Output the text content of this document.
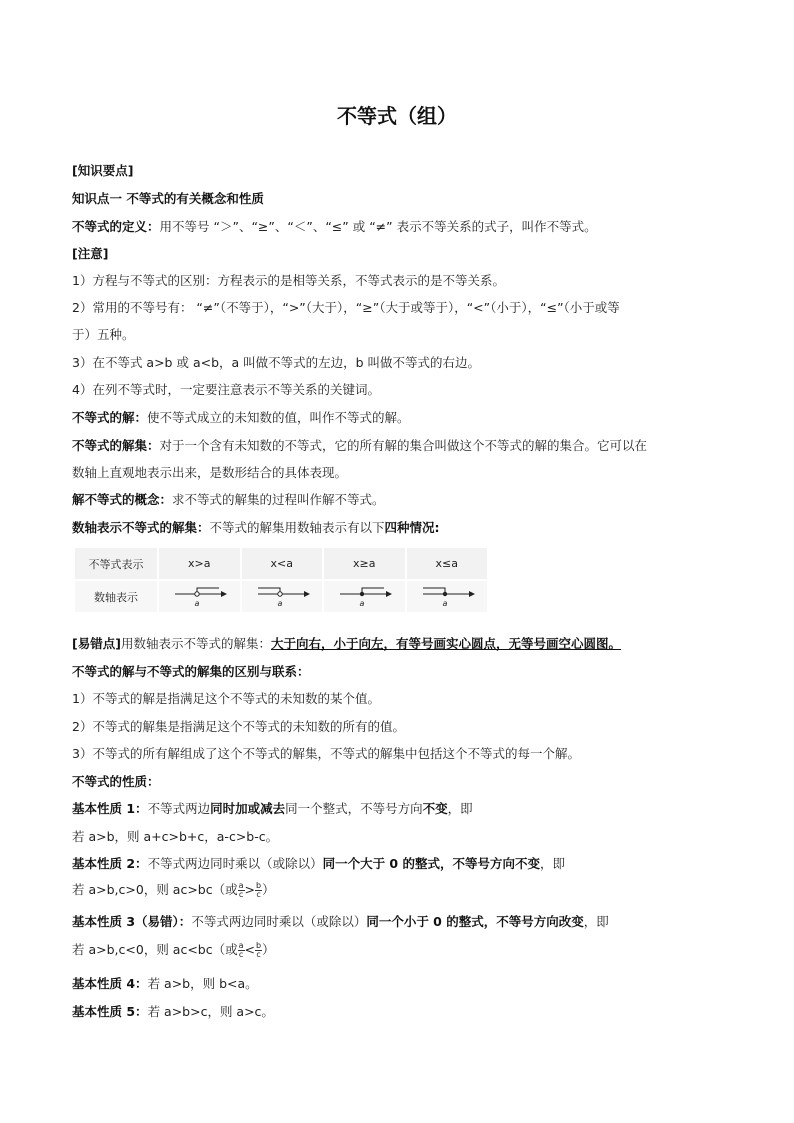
不等式（组）
[知识要点]
知识点一 不等式的有关概念和性质
不等式的定义：用不等号 “＞”、“≥”、“＜”、“≤” 或 “≠” 表示不等关系的式子，叫作不等式。
[注意]
1）方程与不等式的区别：方程表示的是相等关系，不等式表示的是不等关系。
2）常用的不等号有： “≠”（不等于），“>”（大于），“≥”（大于或等于），“<”（小于），“≤”（小于或等
于）五种。
3）在不等式 a>b 或 a<b，a 叫做不等式的左边，b 叫做不等式的右边。
4）在列不等式时，一定要注意表示不等关系的关键词。
不等式的解：使不等式成立的未知数的值，叫作不等式的解。
不等式的解集：对于一个含有未知数的不等式，它的所有解的集合叫做这个不等式的解的集合。它可以在
数轴上直观地表示出来，是数形结合的具体表现。
解不等式的概念：求不等式的解集的过程叫作解不等式。
数轴表示不等式的解集：不等式的解集用数轴表示有以下四种情况:
不等式表示	x>a	x<a	x≥a	x≤a
数轴表示	a	a	a	a
[易错点]用数轴表示不等式的解集：大于向右，小于向左，有等号画实心圆点，无等号画空心圆图。
不等式的解与不等式的解集的区别与联系：
1）不等式的解是指满足这个不等式的未知数的某个值。
2）不等式的解集是指满足这个不等式的未知数的所有的值。
3）不等式的所有解组成了这个不等式的解集，不等式的解集中包括这个不等式的每一个解。
不等式的性质：
基本性质 1：不等式两边同时加或减去同一个整式，不等号方向不变，即
若 a>b，则 a+c>b+c，a-c>b-c。
基本性质 2：不等式两边同时乘以（或除以）同一个大于 0 的整式，不等号方向不变，即
若 a>b,c>0，则 ac>bc（或 $\frac{a}{c} > \frac{b}{c}$ ）
基本性质 3（易错）：不等式两边同时乘以（或除以）同一个小于 0 的整式，不等号方向改变，即
若 a>b,c<0，则 ac<bc（或 $\frac{a}{c} < \frac{b}{c}$ ）
基本性质 4：若 a>b，则 b<a。
基本性质 5：若 a>b>c，则 a>c。
